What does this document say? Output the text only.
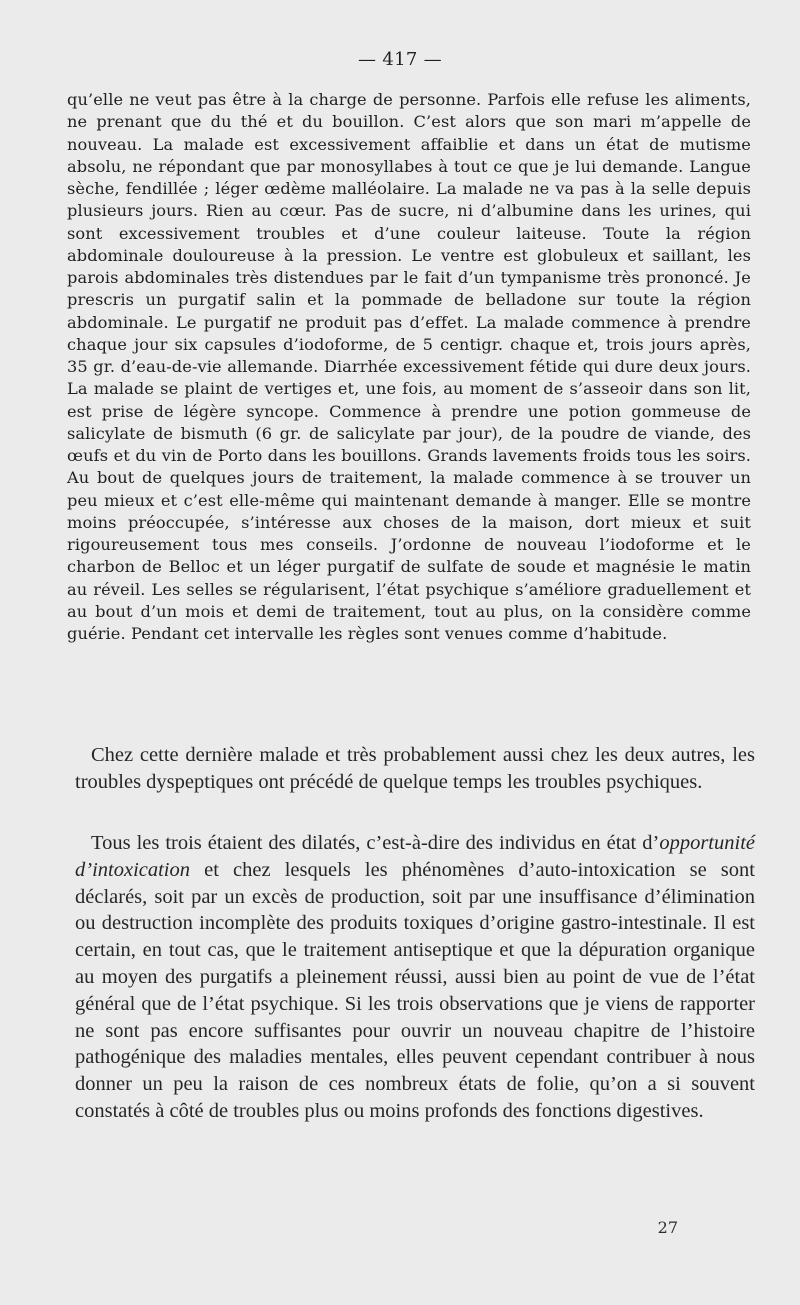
— 417 —

qu’elle ne veut pas être à la charge de personne. Parfois elle refuse les aliments, ne prenant que du thé et du bouillon. C’est alors que son mari m’appelle de nouveau. La malade est excessivement affaiblie et dans un état de mutisme absolu, ne répondant que par monosyllabes à tout ce que je lui demande. Langue sèche, fendillée ; léger œdème malléolaire. La malade ne va pas à la selle depuis plusieurs jours. Rien au cœur. Pas de sucre, ni d’albumine dans les urines, qui sont excessivement troubles et d’une couleur laiteuse. Toute la région abdominale douloureuse à la pression. Le ventre est globuleux et saillant, les parois abdominales très distendues par le fait d’un tympanisme très prononcé. Je prescris un purgatif salin et la pommade de belladone sur toute la région abdominale. Le purgatif ne produit pas d’effet. La malade commence à prendre chaque jour six capsules d’iodoforme, de 5 centigr. chaque et, trois jours après, 35 gr. d’eau-de-vie allemande. Diarrhée excessivement fétide qui dure deux jours. La malade se plaint de vertiges et, une fois, au moment de s’asseoir dans son lit, est prise de légère syncope. Commence à prendre une potion gommeuse de salicylate de bismuth (6 gr. de salicylate par jour), de la poudre de viande, des œufs et du vin de Porto dans les bouillons. Grands lavements froids tous les soirs. Au bout de quelques jours de traitement, la malade commence à se trouver un peu mieux et c’est elle-même qui maintenant demande à manger. Elle se montre moins préoccupée, s’intéresse aux choses de la maison, dort mieux et suit rigoureusement tous mes conseils. J’ordonne de nouveau l’iodoforme et le charbon de Belloc et un léger purgatif de sulfate de soude et magnésie le matin au réveil. Les selles se régularisent, l’état psychique s’améliore graduellement et au bout d’un mois et demi de traitement, tout au plus, on la considère comme guérie. Pendant cet intervalle les règles sont venues comme d’habitude.

Chez cette dernière malade et très probablement aussi chez les deux autres, les troubles dyspeptiques ont précédé de quelque temps les troubles psychiques.

Tous les trois étaient des dilatés, c’est-à-dire des individus en état d’opportunité d’intoxication et chez lesquels les phénomènes d’auto-intoxication se sont déclarés, soit par un excès de production, soit par une insuffisance d’élimination ou destruction incomplète des produits toxiques d’origine gastro-intestinale. Il est certain, en tout cas, que le traitement antiseptique et que la dépuration organique au moyen des purgatifs a pleinement réussi, aussi bien au point de vue de l’état général que de l’état psychique. Si les trois observations que je viens de rapporter ne sont pas encore suffisantes pour ouvrir un nouveau chapitre de l’histoire pathogénique des maladies mentales, elles peuvent cependant contribuer à nous donner un peu la raison de ces nombreux états de folie, qu’on a si souvent constatés à côté de troubles plus ou moins profonds des fonctions digestives.

27
